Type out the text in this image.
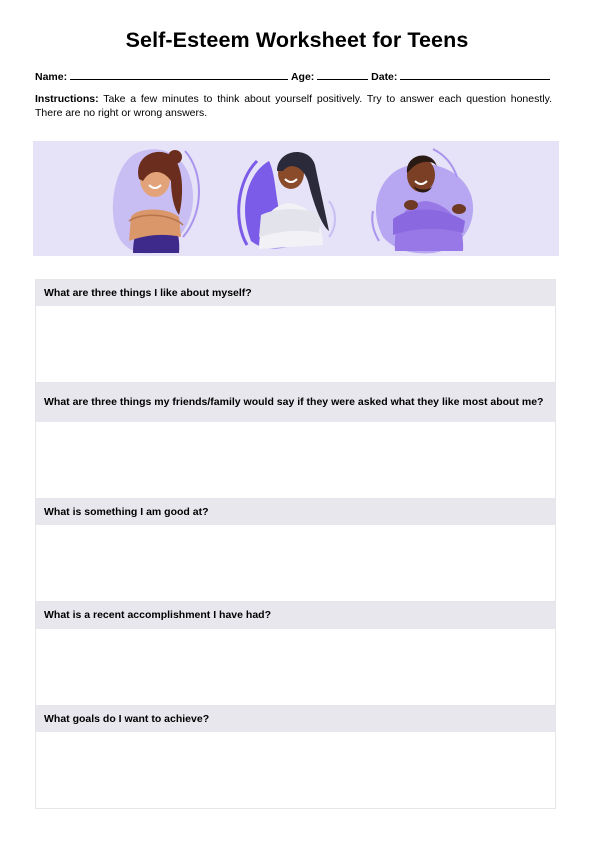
Self-Esteem Worksheet for Teens
Name:	Age:	Date:
Instructions: Take a few minutes to think about yourself positively. Try to answer each question honestly. There are no right or wrong answers.
What are three things I like about myself?
What are three things my friends/family would say if they were asked what they like most about me?
What is something I am good at?
What is a recent accomplishment I have had?
What goals do I want to achieve?
